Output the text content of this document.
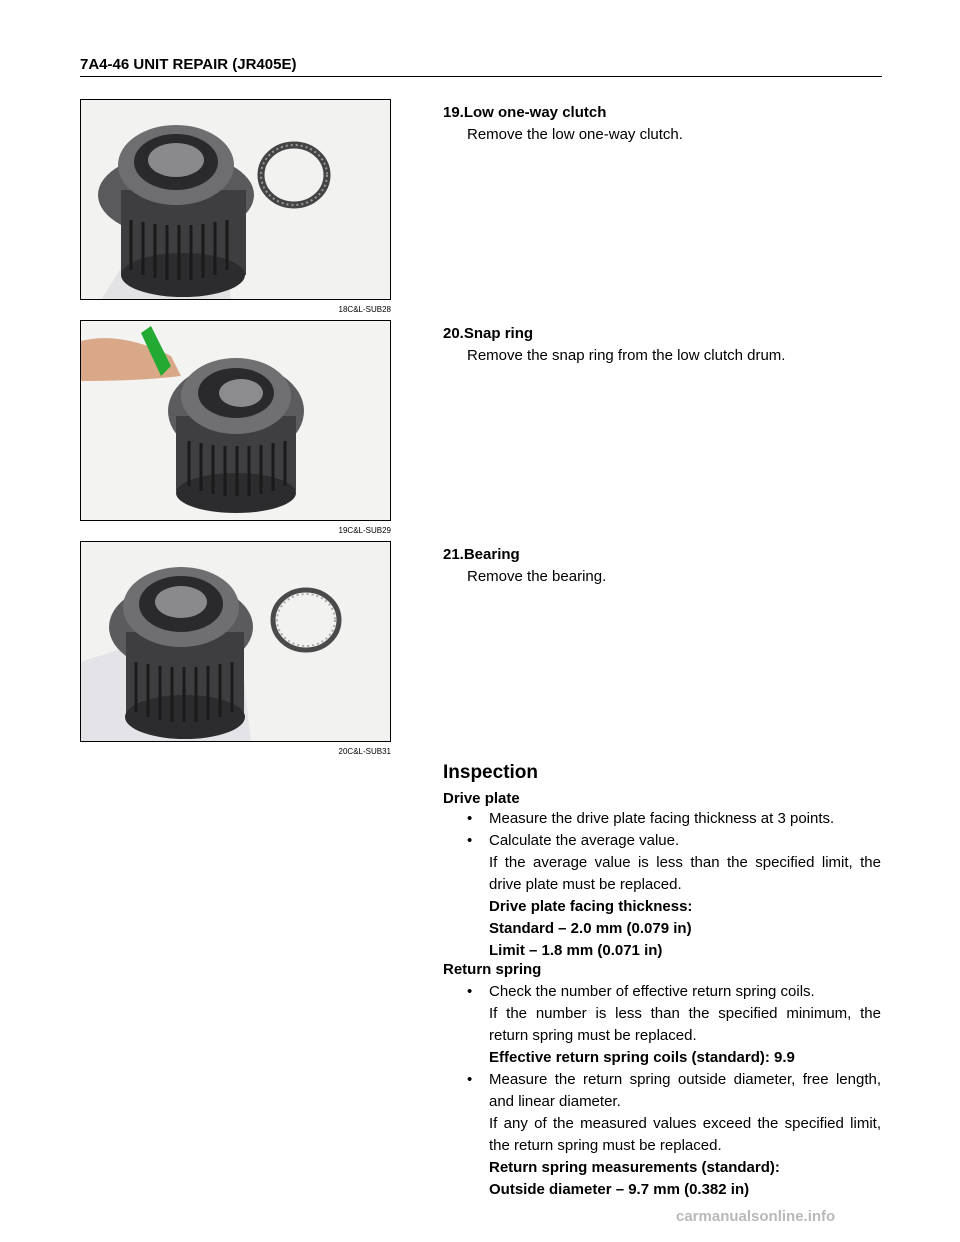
7A4-46 UNIT REPAIR (JR405E)
18C&L-SUB28
19.Low one-way clutch
Remove the low one-way clutch.
19C&L-SUB29
20.Snap ring
Remove the snap ring from the low clutch drum.
20C&L-SUB31
21.Bearing
Remove the bearing.
Inspection
Drive plate
• Measure the drive plate facing thickness at 3 points.
• Calculate the average value.
If the average value is less than the specified limit, the
drive plate must be replaced.
Drive plate facing thickness:
Standard – 2.0 mm (0.079 in)
Limit – 1.8 mm (0.071 in)
Return spring
• Check the number of effective return spring coils.
If the number is less than the specified minimum, the
return spring must be replaced.
Effective return spring coils (standard): 9.9
• Measure the return spring outside diameter, free length,
and linear diameter.
If any of the measured values exceed the specified limit,
the return spring must be replaced.
Return spring measurements (standard):
Outside diameter – 9.7 mm (0.382 in)
carmanualsonline.info
